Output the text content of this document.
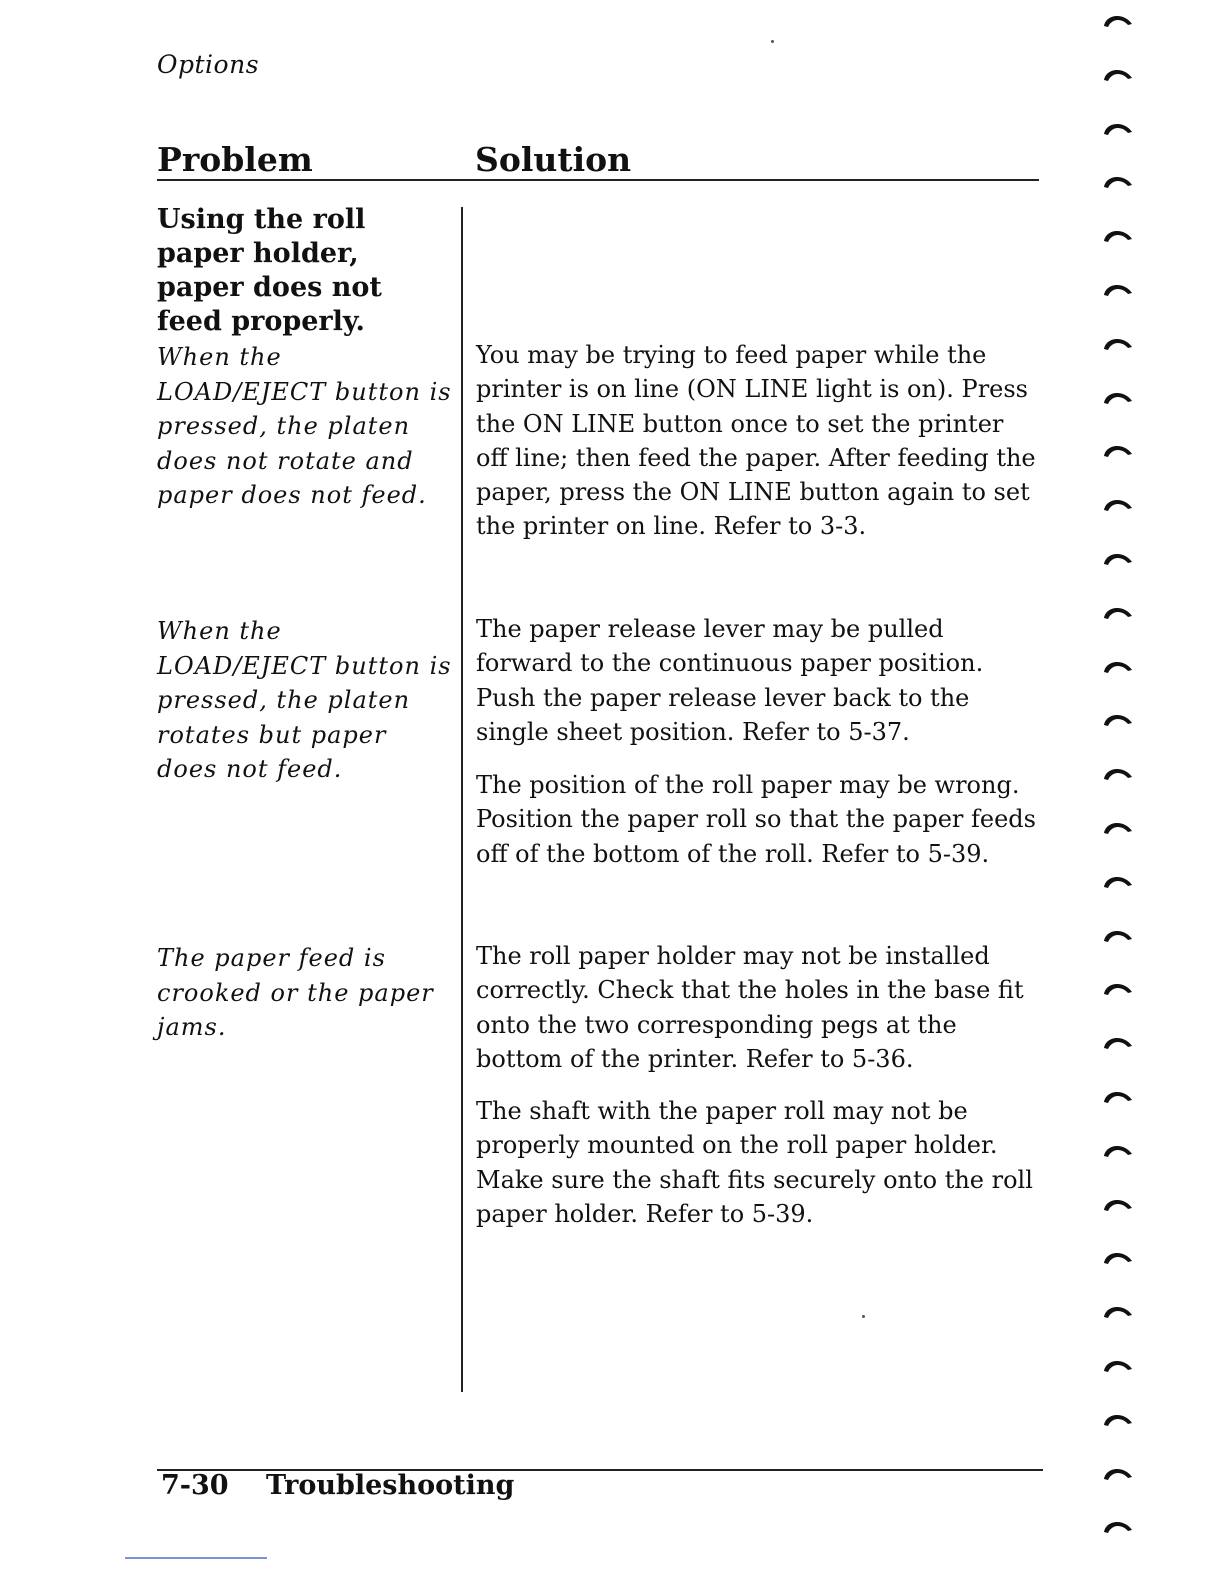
Options
Problem	Solution
Using the roll paper holder, paper does not feed properly.
When the LOAD/EJECT button is pressed, the platen does not rotate and paper does not feed.

You may be trying to feed paper while the printer is on line (ON LINE light is on). Press the ON LINE button once to set the printer off line; then feed the paper. After feeding the paper, press the ON LINE button again to set the printer on line. Refer to 3-3.

When the LOAD/EJECT button is pressed, the platen rotates but paper does not feed.

The paper release lever may be pulled forward to the continuous paper position. Push the paper release lever back to the single sheet position. Refer to 5-37.

The position of the roll paper may be wrong. Position the paper roll so that the paper feeds off of the bottom of the roll. Refer to 5-39.

The paper feed is crooked or the paper jams.

The roll paper holder may not be installed correctly. Check that the holes in the base fit onto the two corresponding pegs at the bottom of the printer. Refer to 5-36.

The shaft with the paper roll may not be properly mounted on the roll paper holder. Make sure the shaft fits securely onto the roll paper holder. Refer to 5-39.

7-30 Troubleshooting
